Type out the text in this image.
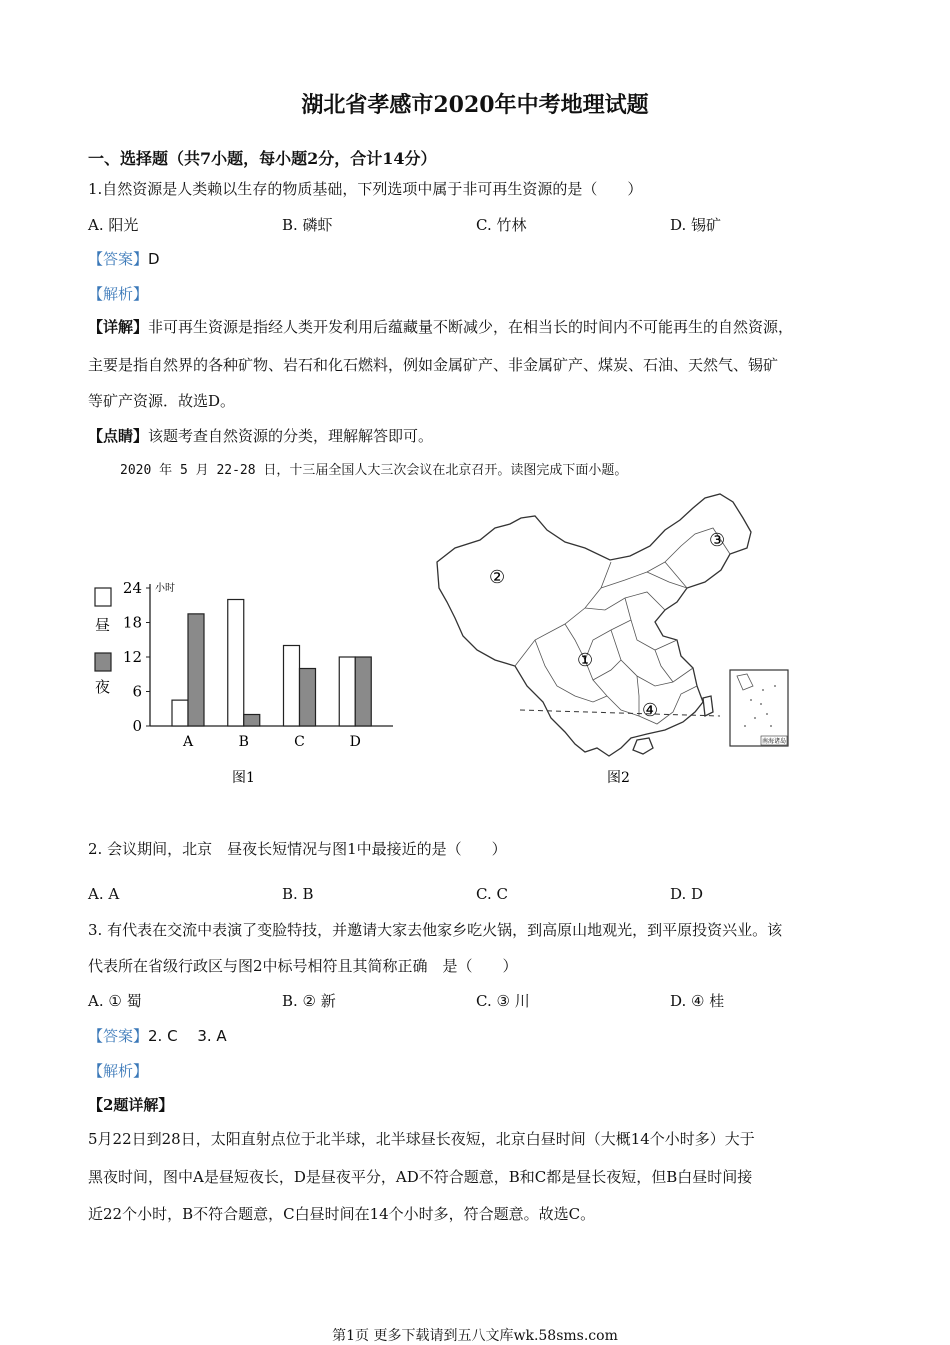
湖北省孝感市2020年中考地理试题
一、选择题（共7小题，每小题2分，合计14分）
1.自然资源是人类赖以生存的物质基础，下列选项中属于非可再生资源的是（　　）
A. 阳光	B. 磷虾	C. 竹林	D. 锡矿
【答案】D
【解析】
【详解】非可再生资源是指经人类开发利用后蕴藏量不断减少，在相当长的时间内不可能再生的自然资源，
主要是指自然界的各种矿物、岩石和化石燃料，例如金属矿产、非金属矿产、煤炭、石油、天然气、锡矿
等矿产资源．故选D。
【点睛】该题考查自然资源的分类，理解解答即可。
2020 年 5 月 22-28 日，十三届全国人大三次会议在北京召开。读图完成下面小题。
0
6
12
18
24
A	B	C	D
昼
夜
小时
图1
②
③
①
④
南海诸岛
图2
2. 会议期间，北京　昼夜长短情况与图1中最接近的是（　　）
A. A	B. B	C. C	D. D
3. 有代表在交流中表演了变脸特技，并邀请大家去他家乡吃火锅，到高原山地观光，到平原投资兴业。该
代表所在省级行政区与图2中标号相符且其简称正确　是（　　）
A. ① 蜀	B. ② 新	C. ③ 川	D. ④ 桂
【答案】2. C　 3. A
【解析】
【2题详解】
5月22日到28日，太阳直射点位于北半球，北半球昼长夜短，北京白昼时间（大概14个小时多）大于
黑夜时间，图中A是昼短夜长，D是昼夜平分，AD不符合题意，B和C都是昼长夜短，但B白昼时间接
近22个小时，B不符合题意，C白昼时间在14个小时多，符合题意。故选C。
第1页 更多下载请到五八文库wk.58sms.com
